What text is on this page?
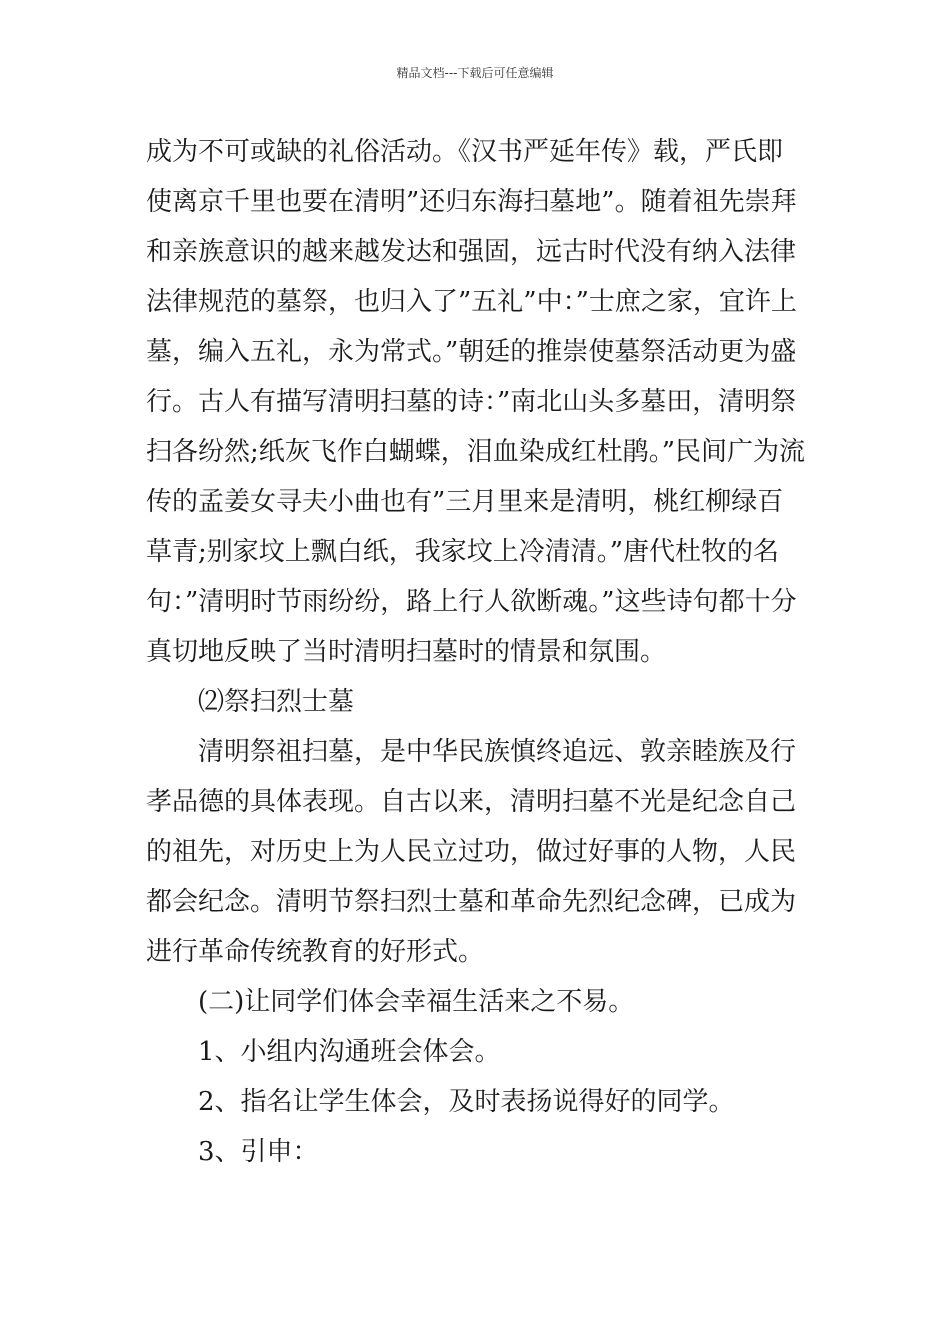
精品文档---下载后可任意编辑

成为不可或缺的礼俗活动。《汉书严延年传》载，严氏即使离京千里也要在清明”还归东海扫墓地”。随着祖先崇拜和亲族意识的越来越发达和强固，远古时代没有纳入法律法律规范的墓祭，也归入了”五礼”中：”士庶之家，宜许上墓，编入五礼，永为常式。”朝廷的推崇使墓祭活动更为盛行。古人有描写清明扫墓的诗：”南北山头多墓田，清明祭扫各纷然;纸灰飞作白蝴蝶，泪血染成红杜鹃。”民间广为流传的孟姜女寻夫小曲也有”三月里来是清明，桃红柳绿百草青;别家坟上飘白纸，我家坟上冷清清。”唐代杜牧的名句：”清明时节雨纷纷，路上行人欲断魂。”这些诗句都十分真切地反映了当时清明扫墓时的情景和氛围。

⑵祭扫烈士墓

清明祭祖扫墓，是中华民族慎终追远、敦亲睦族及行孝品德的具体表现。自古以来，清明扫墓不光是纪念自己的祖先，对历史上为人民立过功，做过好事的人物，人民都会纪念。清明节祭扫烈士墓和革命先烈纪念碑，已成为进行革命传统教育的好形式。

(二)让同学们体会幸福生活来之不易。

1、小组内沟通班会体会。

2、指名让学生体会，及时表扬说得好的同学。

3、引申：
